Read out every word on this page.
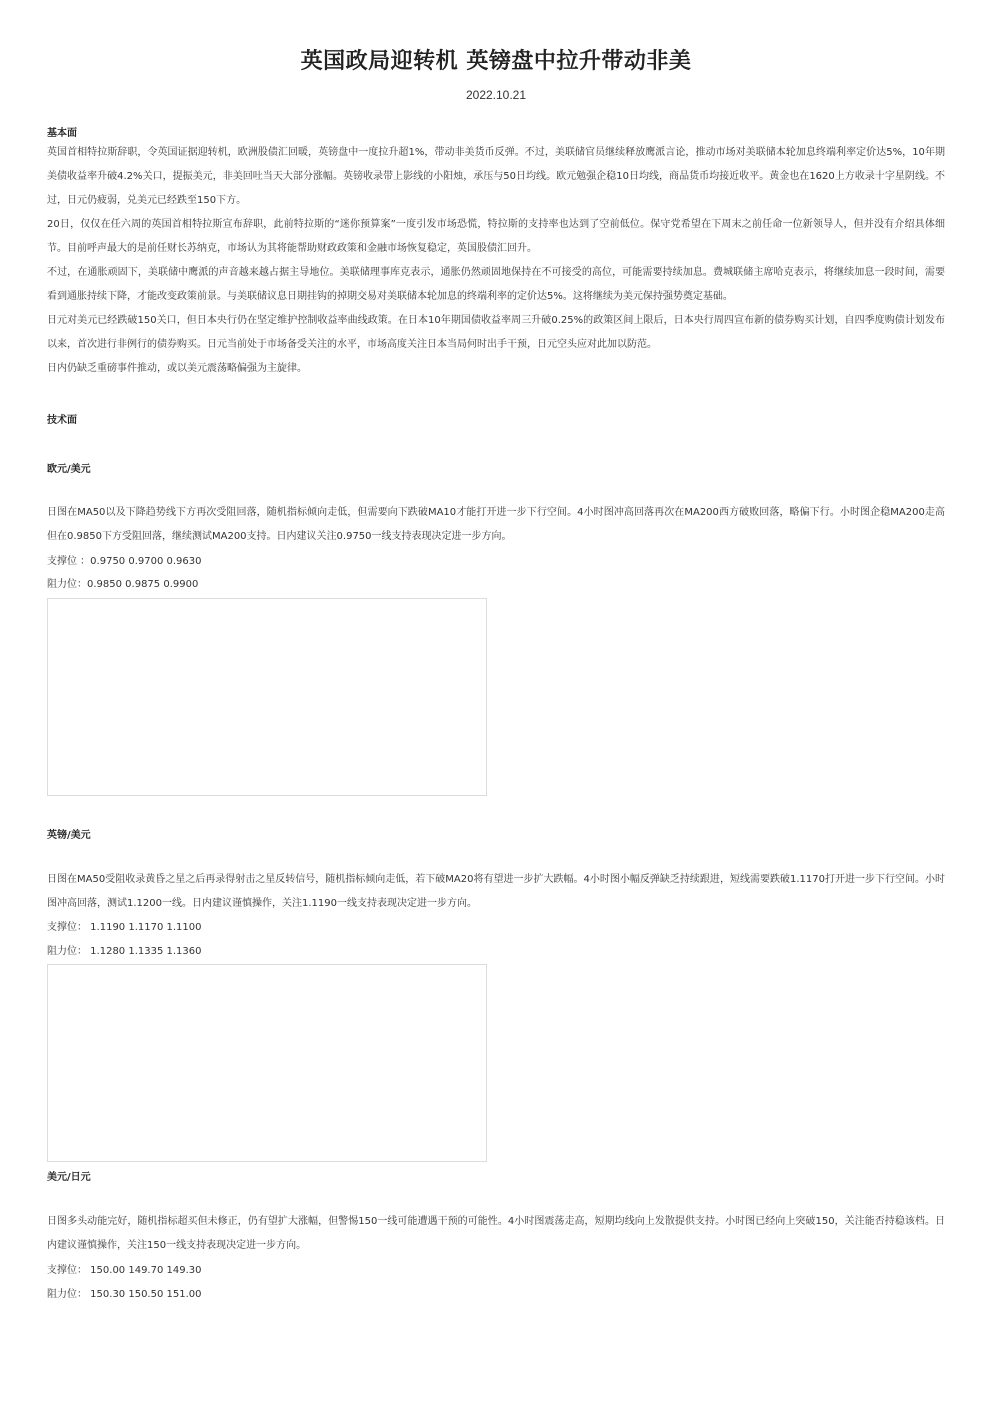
英国政局迎转机 英镑盘中拉升带动非美
2022.10.21
基本面
英国首相特拉斯辞职，令英国证据迎转机，欧洲股债汇回暖，英镑盘中一度拉升超1%，带动非美货币反弹。不过，美联储官员继续释放鹰派言论，推动市场对美联储本轮加息终端利率定价达5%，10年期美债收益率升破4.2%关口，提振美元，非美回吐当天大部分涨幅。英镑收录带上影线的小阳烛，承压与50日均线。欧元勉强企稳10日均线，商品货币均接近收平。黄金也在1620上方收录十字星阴线。不过，日元仍疲弱，兑美元已经跌至150下方。
20日，仅仅在任六周的英国首相特拉斯宣布辞职，此前特拉斯的“迷你预算案”一度引发市场恐慌，特拉斯的支持率也达到了空前低位。保守党希望在下周末之前任命一位新领导人，但并没有介绍具体细节。目前呼声最大的是前任财长苏纳克，市场认为其将能帮助财政政策和金融市场恢复稳定，英国股债汇回升。
不过，在通胀顽固下，美联储中鹰派的声音越来越占据主导地位。美联储理事库克表示，通胀仍然顽固地保持在不可接受的高位，可能需要持续加息。费城联储主席哈克表示，将继续加息一段时间，需要看到通胀持续下降，才能改变政策前景。与美联储议息日期挂钩的掉期交易对美联储本轮加息的终端利率的定价达5%。这将继续为美元保持强势奠定基础。
日元对美元已经跌破150关口，但日本央行仍在坚定维护控制收益率曲线政策。在日本10年期国债收益率周三升破0.25%的政策区间上限后，日本央行周四宣布新的债券购买计划，自四季度购债计划发布以来，首次进行非例行的债券购买。日元当前处于市场备受关注的水平，市场高度关注日本当局何时出手干预，日元空头应对此加以防范。
日内仍缺乏重磅事件推动，或以美元震荡略偏强为主旋律。
技术面
欧元/美元
日图在MA50以及下降趋势线下方再次受阻回落，随机指标倾向走低，但需要向下跌破MA10才能打开进一步下行空间。4小时图冲高回落再次在MA200西方破败回落，略偏下行。小时图企稳MA200走高但在0.9850下方受阻回落，继续测试MA200支持。日内建议关注0.9750一线支持表现决定进一步方向。
支撑位 ：0.9750 0.9700 0.9630
阻力位：0.9850 0.9875 0.9900
英镑/美元
日图在MA50受阻收录黄昏之星之后再录得射击之星反转信号，随机指标倾向走低，若下破MA20将有望进一步扩大跌幅。4小时图小幅反弹缺乏持续跟进，短线需要跌破1.1170打开进一步下行空间。小时图冲高回落，测试1.1200一线。日内建议谨慎操作，关注1.1190一线支持表现决定进一步方向。
支撑位： 1.1190 1.1170 1.1100
阻力位： 1.1280 1.1335 1.1360
美元/日元
日图多头动能完好，随机指标超买但未修正，仍有望扩大涨幅，但警惕150一线可能遭遇干预的可能性。4小时图震荡走高，短期均线向上发散提供支持。小时图已经向上突破150，关注能否持稳该档。日内建议谨慎操作，关注150一线支持表现决定进一步方向。
支撑位： 150.00 149.70 149.30
阻力位： 150.30 150.50 151.00
